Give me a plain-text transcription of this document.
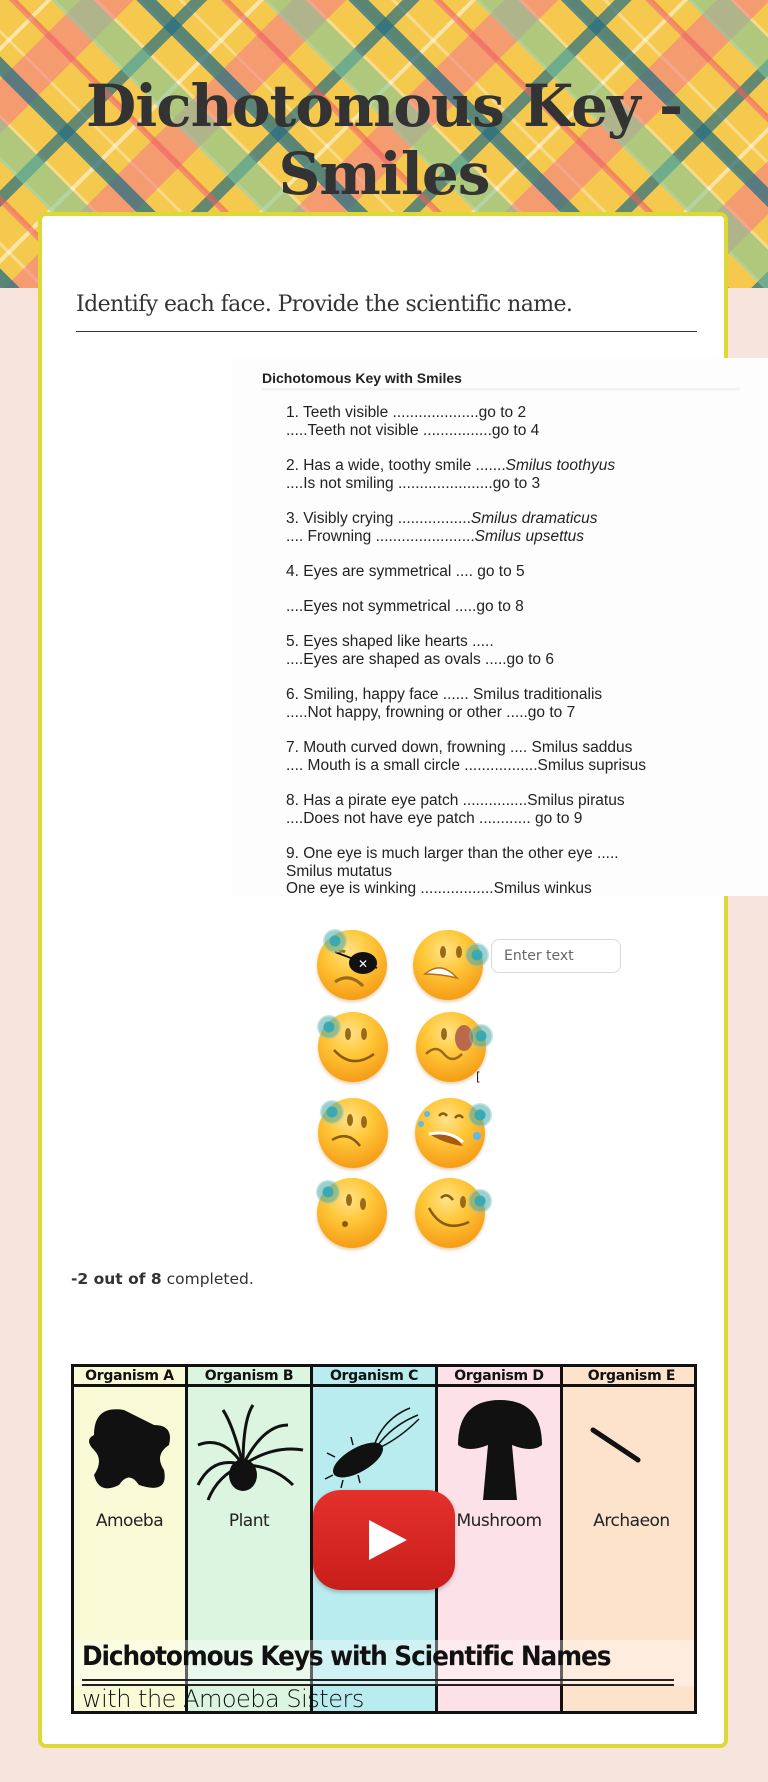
Dichotomous Key - Smiles
Identify each face. Provide the scientific name.
Dichotomous Key with Smiles
1. Teeth visible ....................go to 2
.....Teeth not visible ................go to 4
2. Has a wide, toothy smile .......Smilus toothyus
....Is not smiling ......................go to 3
3. Visibly crying .................Smilus dramaticus
.... Frowning .......................Smilus upsettus
4. Eyes are symmetrical .... go to 5
....Eyes not symmetrical .....go to 8
5. Eyes shaped like hearts .....
....Eyes are shaped as ovals .....go to 6
6. Smiling, happy face ...... Smilus traditionalis
.....Not happy, frowning or other .....go to 7
7. Mouth curved down, frowning .... Smilus saddus
.... Mouth is a small circle .................Smilus suprisus
8. Has a pirate eye patch ...............Smilus piratus
....Does not have eye patch ............ go to 9
9. One eye is much larger than the other eye .....
Smilus mutatus
One eye is winking .................Smilus winkus
✕
Enter text
[
-2 out of 8 completed.
Organism A
Amoeba
Organism B
Plant
Organism C	Organism D
Mushroom
Organism E
Archaeon
Dichotomous Keys with Scientific Names
with the Amoeba Sisters
